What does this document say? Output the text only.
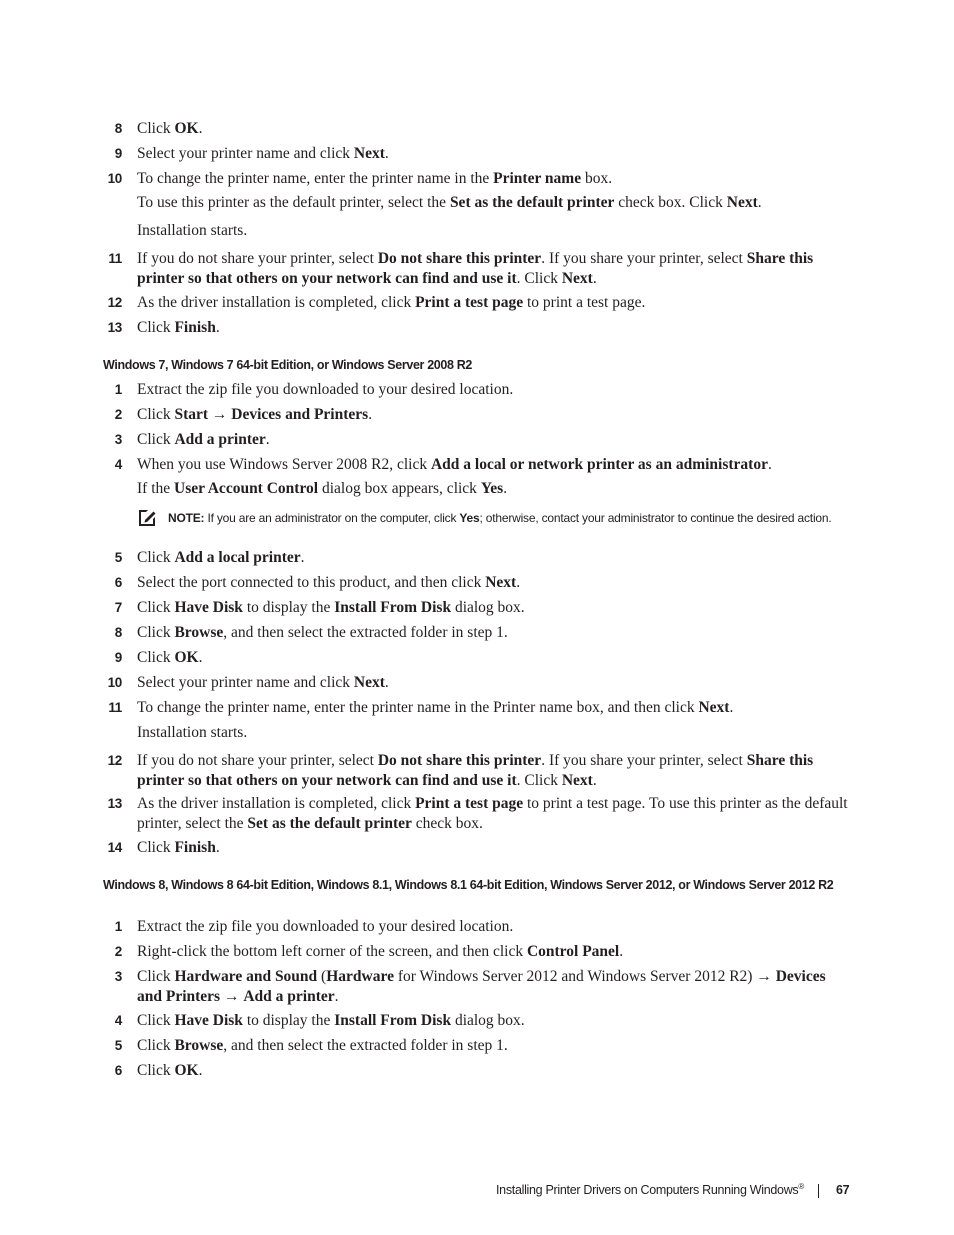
8 Click OK.
9 Select your printer name and click Next.
10 To change the printer name, enter the printer name in the Printer name box.
To use this printer as the default printer, select the Set as the default printer check box. Click Next.
Installation starts.
11 If you do not share your printer, select Do not share this printer. If you share your printer, select Share this printer so that others on your network can find and use it. Click Next.
12 As the driver installation is completed, click Print a test page to print a test page.
13 Click Finish.
Windows 7, Windows 7 64-bit Edition, or Windows Server 2008 R2
1 Extract the zip file you downloaded to your desired location.
2 Click Start → Devices and Printers.
3 Click Add a printer.
4 When you use Windows Server 2008 R2, click Add a local or network printer as an administrator.
If the User Account Control dialog box appears, click Yes.
NOTE: If you are an administrator on the computer, click Yes; otherwise, contact your administrator to continue the desired action.
5 Click Add a local printer.
6 Select the port connected to this product, and then click Next.
7 Click Have Disk to display the Install From Disk dialog box.
8 Click Browse, and then select the extracted folder in step 1.
9 Click OK.
10 Select your printer name and click Next.
11 To change the printer name, enter the printer name in the Printer name box, and then click Next.
Installation starts.
12 If you do not share your printer, select Do not share this printer. If you share your printer, select Share this printer so that others on your network can find and use it. Click Next.
13 As the driver installation is completed, click Print a test page to print a test page. To use this printer as the default printer, select the Set as the default printer check box.
14 Click Finish.
Windows 8, Windows 8 64-bit Edition, Windows 8.1, Windows 8.1 64-bit Edition, Windows Server 2012, or Windows Server 2012 R2
1 Extract the zip file you downloaded to your desired location.
2 Right-click the bottom left corner of the screen, and then click Control Panel.
3 Click Hardware and Sound (Hardware for Windows Server 2012 and Windows Server 2012 R2) → Devices and Printers → Add a printer.
4 Click Have Disk to display the Install From Disk dialog box.
5 Click Browse, and then select the extracted folder in step 1.
6 Click OK.
Installing Printer Drivers on Computers Running Windows®	67
